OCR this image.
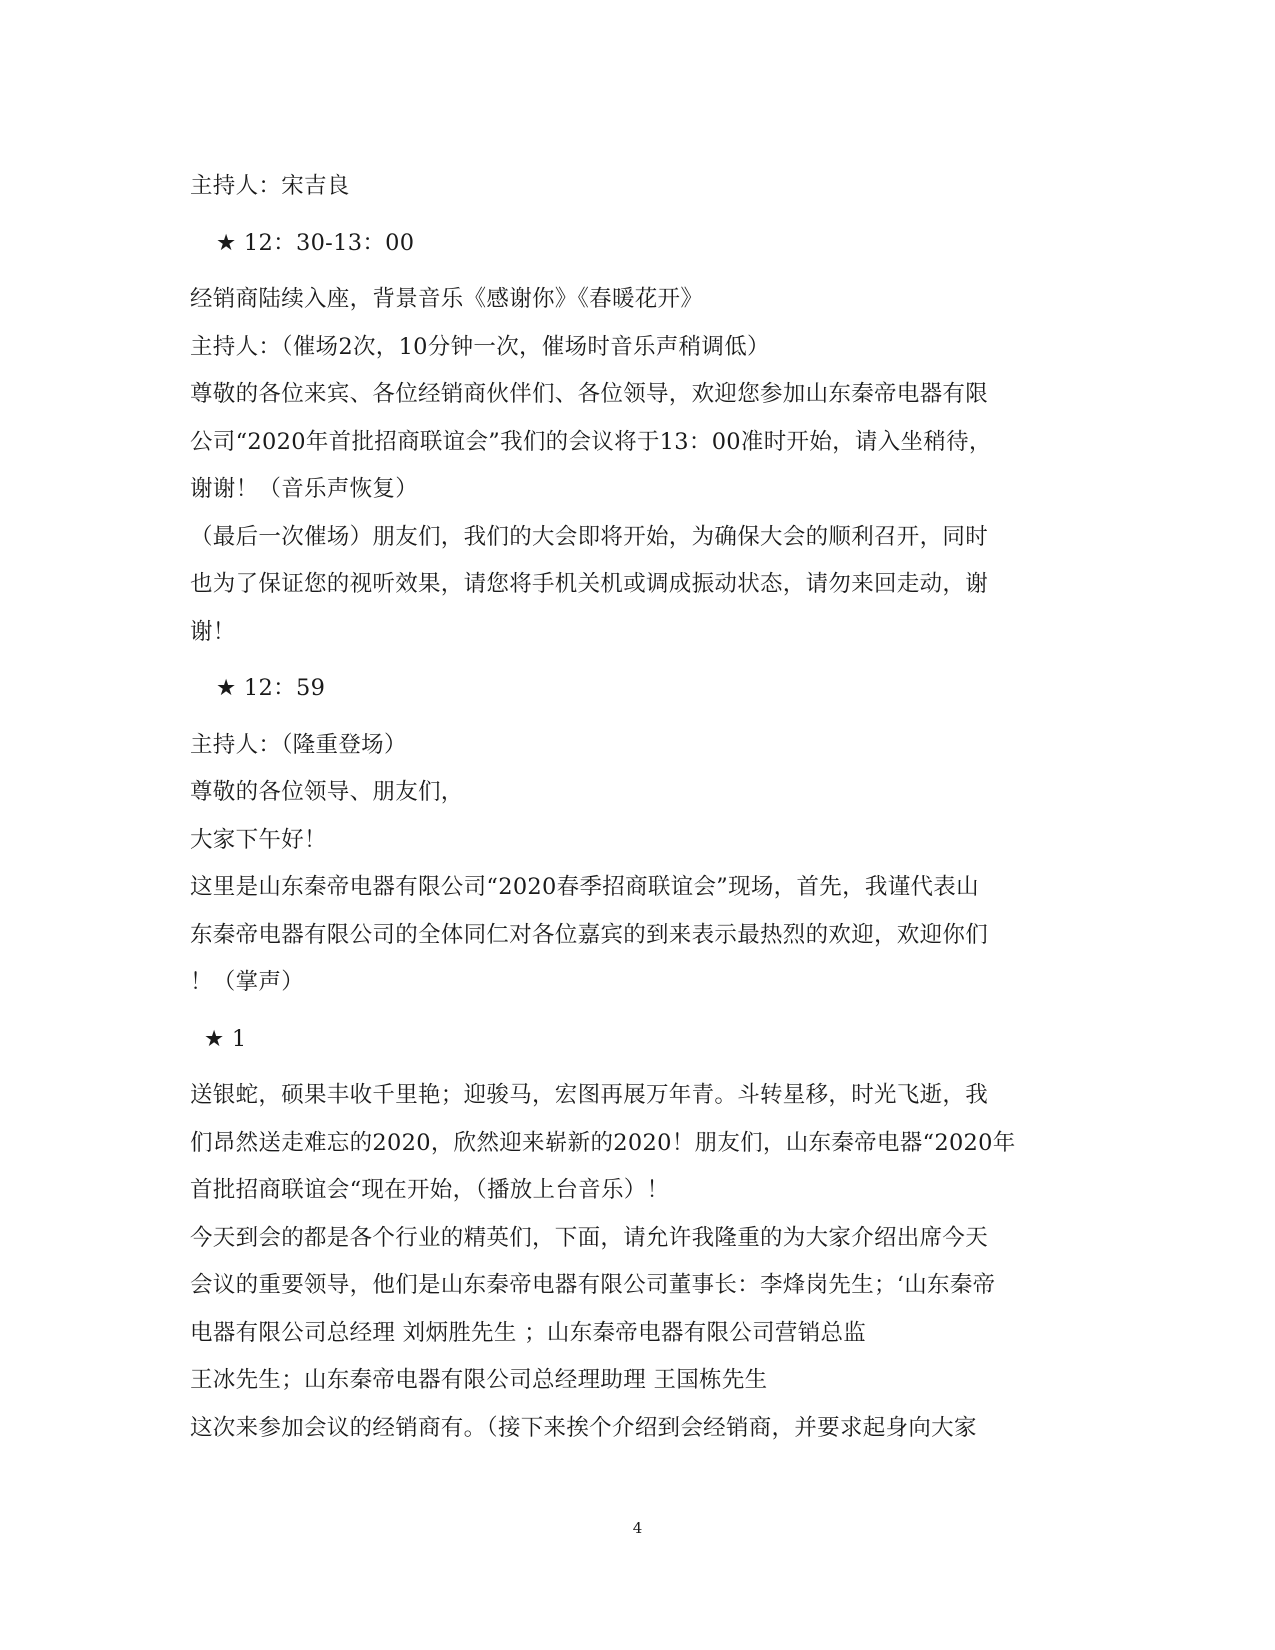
主持人：宋吉良
★ 12：30-13：00
经销商陆续入座，背景音乐《感谢你》《春暖花开》
主持人：（催场2次，10分钟一次，催场时音乐声稍调低）
尊敬的各位来宾、各位经销商伙伴们、各位领导，欢迎您参加山东秦帝电器有限
公司“2020年首批招商联谊会”我们的会议将于13：00准时开始，请入坐稍待，
谢谢！（音乐声恢复）
（最后一次催场）朋友们，我们的大会即将开始，为确保大会的顺利召开，同时
也为了保证您的视听效果，请您将手机关机或调成振动状态，请勿来回走动，谢
谢！
★ 12：59
主持人：（隆重登场）
尊敬的各位领导、朋友们，
大家下午好！
这里是山东秦帝电器有限公司“2020春季招商联谊会”现场，首先，我谨代表山
东秦帝电器有限公司的全体同仁对各位嘉宾的到来表示最热烈的欢迎，欢迎你们
！（掌声）
★ 1
送银蛇，硕果丰收千里艳；迎骏马，宏图再展万年青。斗转星移，时光飞逝，我
们昂然送走难忘的2020，欣然迎来崭新的2020！朋友们，山东秦帝电器“2020年
首批招商联谊会“现在开始，（播放上台音乐）！
今天到会的都是各个行业的精英们，下面，请允许我隆重的为大家介绍出席今天
会议的重要领导，他们是山东秦帝电器有限公司董事长：李烽岗先生；‘山东秦帝
电器有限公司总经理 刘炳胜先生 ；山东秦帝电器有限公司营销总监
王冰先生；山东秦帝电器有限公司总经理助理 王国栋先生
这次来参加会议的经销商有。（接下来挨个介绍到会经销商，并要求起身向大家
4
